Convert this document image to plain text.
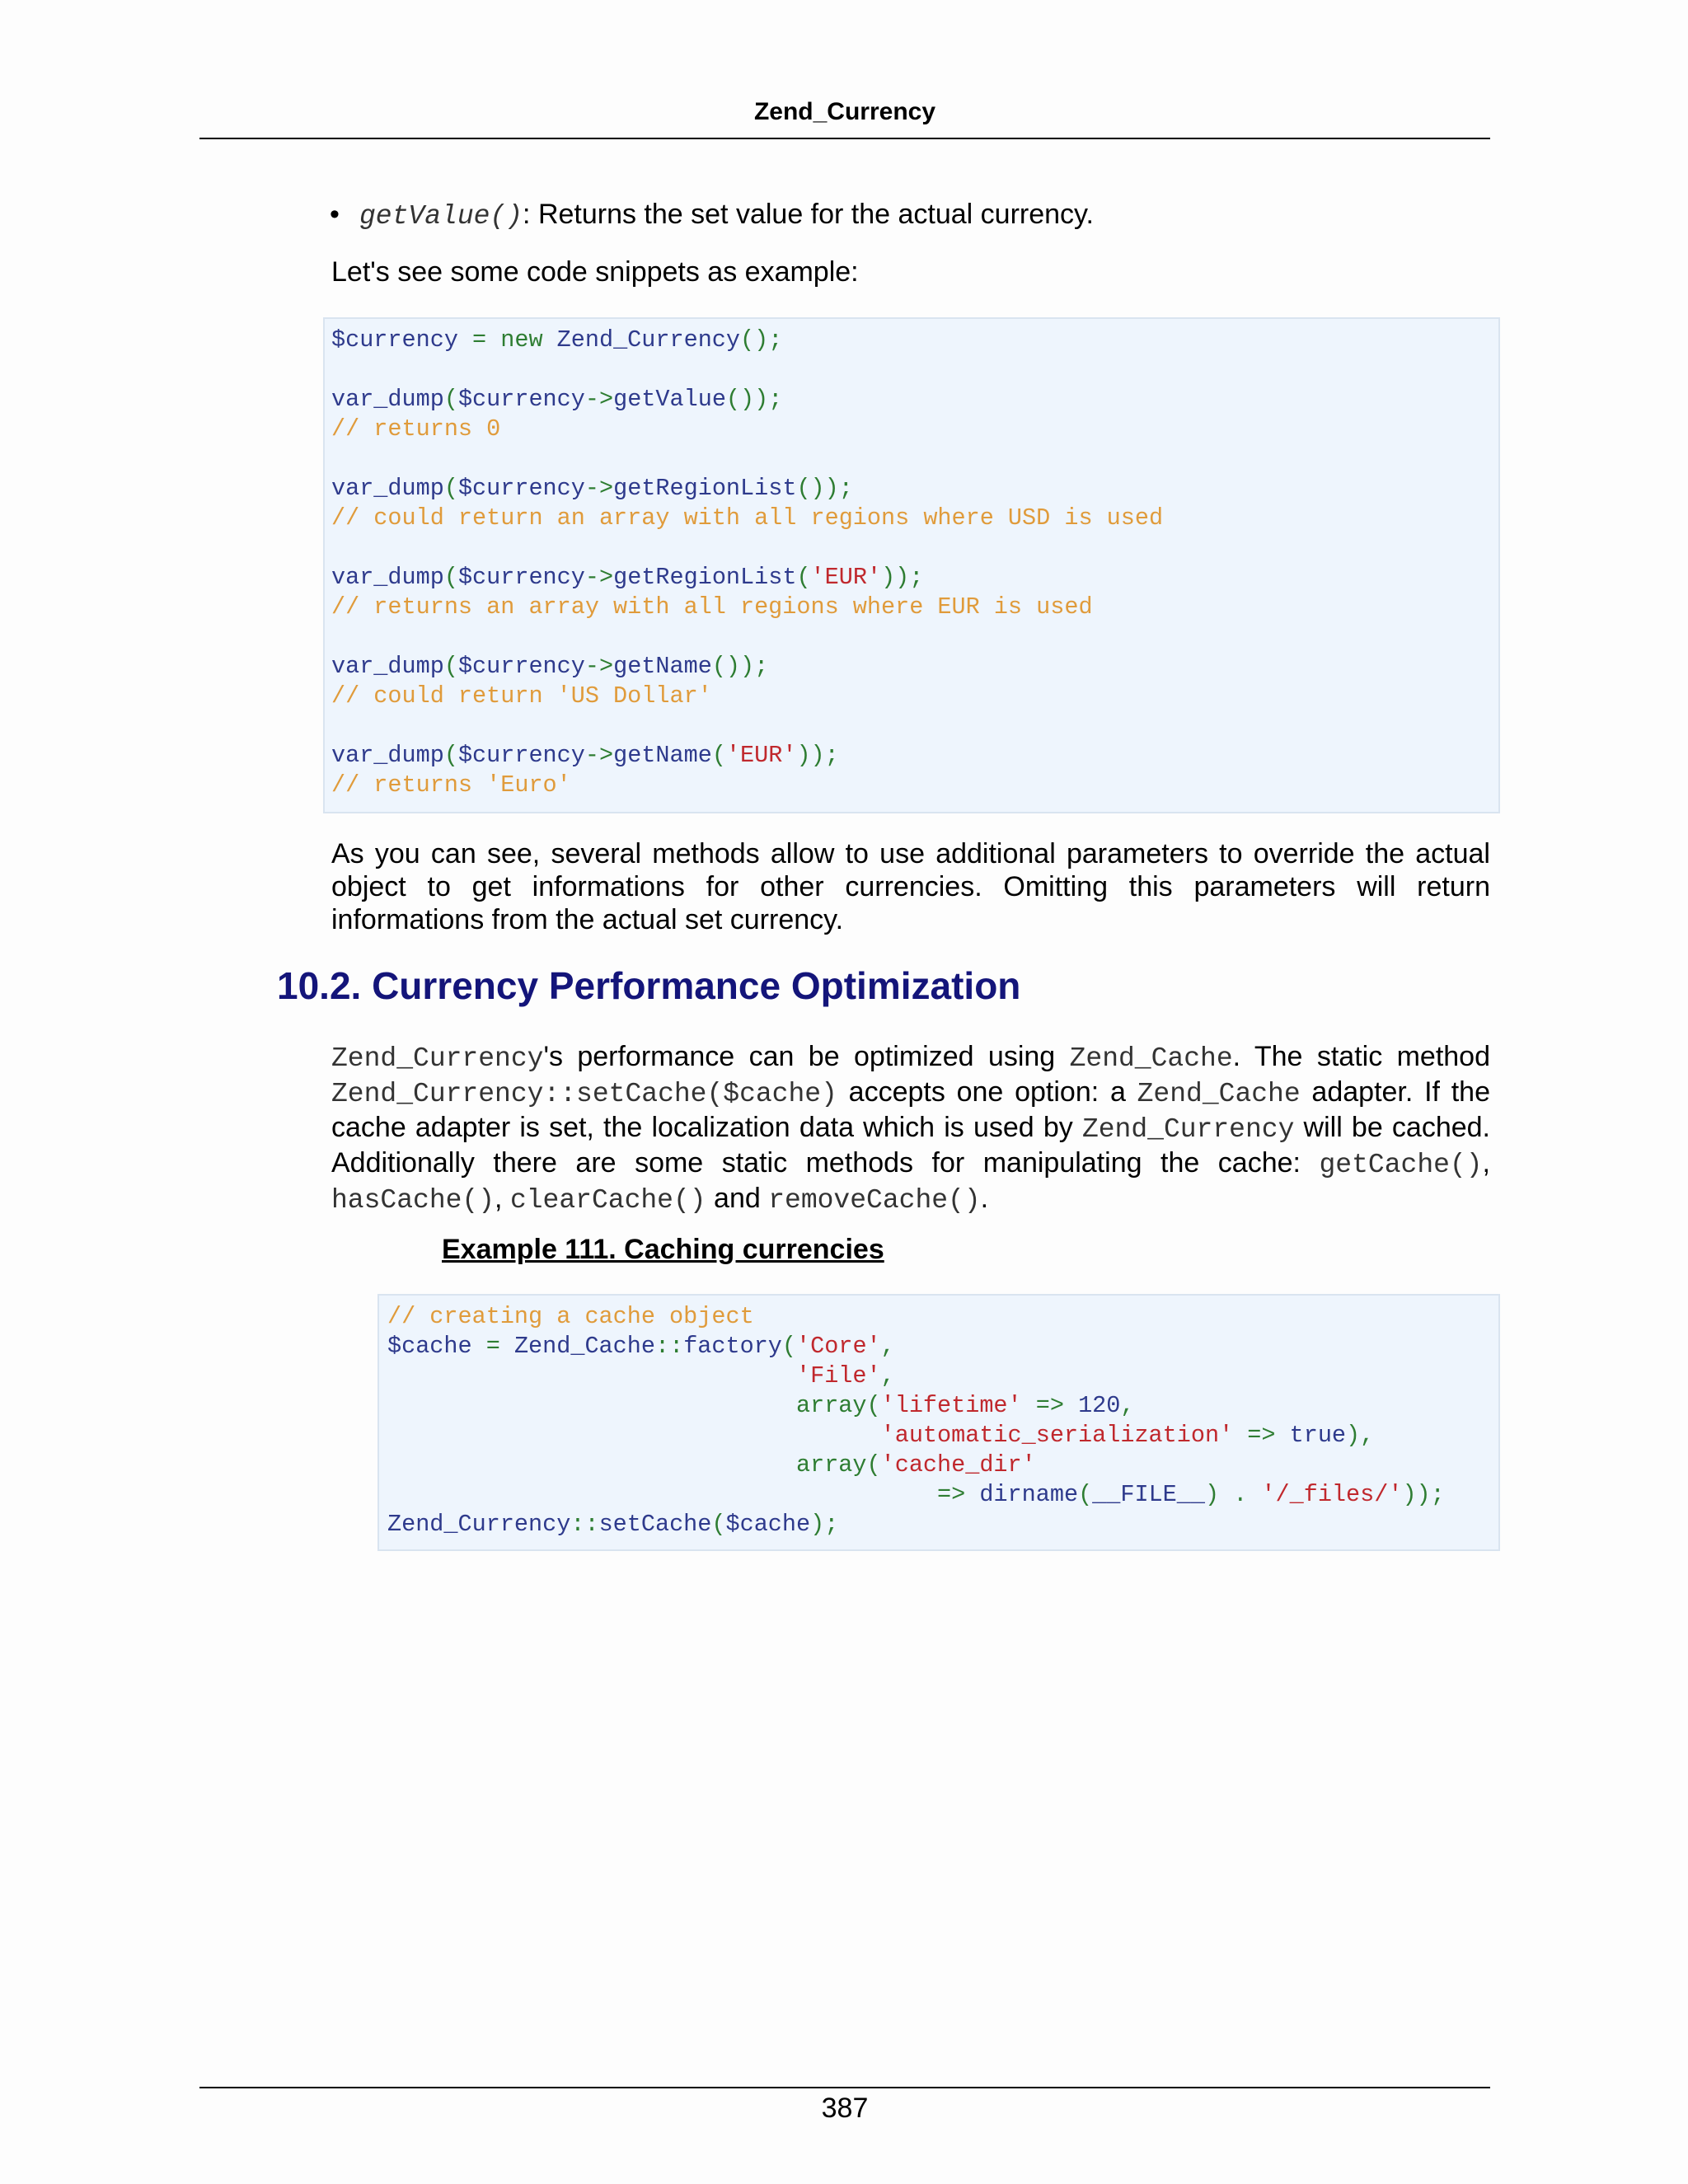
Zend_Currency
• getValue(): Returns the set value for the actual currency.
Let's see some code snippets as example:
$currency = new Zend_Currency();

var_dump($currency->getValue());
// returns 0

var_dump($currency->getRegionList());
// could return an array with all regions where USD is used

var_dump($currency->getRegionList('EUR'));
// returns an array with all regions where EUR is used

var_dump($currency->getName());
// could return 'US Dollar'

var_dump($currency->getName('EUR'));
// returns 'Euro'
As you can see, several methods allow to use additional parameters to override the actual object to get informations for other currencies. Omitting this parameters will return informations from the actual set currency.
10.2. Currency Performance Optimization
Zend_Currency's performance can be optimized using Zend_Cache. The static method Zend_Currency::setCache($cache) accepts one option: a Zend_Cache adapter. If the cache adapter is set, the localization data which is used by Zend_Currency will be cached. Additionally there are some static methods for manipulating the cache: getCache(), hasCache(), clearCache() and removeCache().
Example 111. Caching currencies
// creating a cache object
$cache = Zend_Cache::factory('Core',
'File',
array('lifetime' => 120,
'automatic_serialization' => true),
array('cache_dir'
=> dirname(__FILE__) . '/_files/'));
Zend_Currency::setCache($cache);
387
